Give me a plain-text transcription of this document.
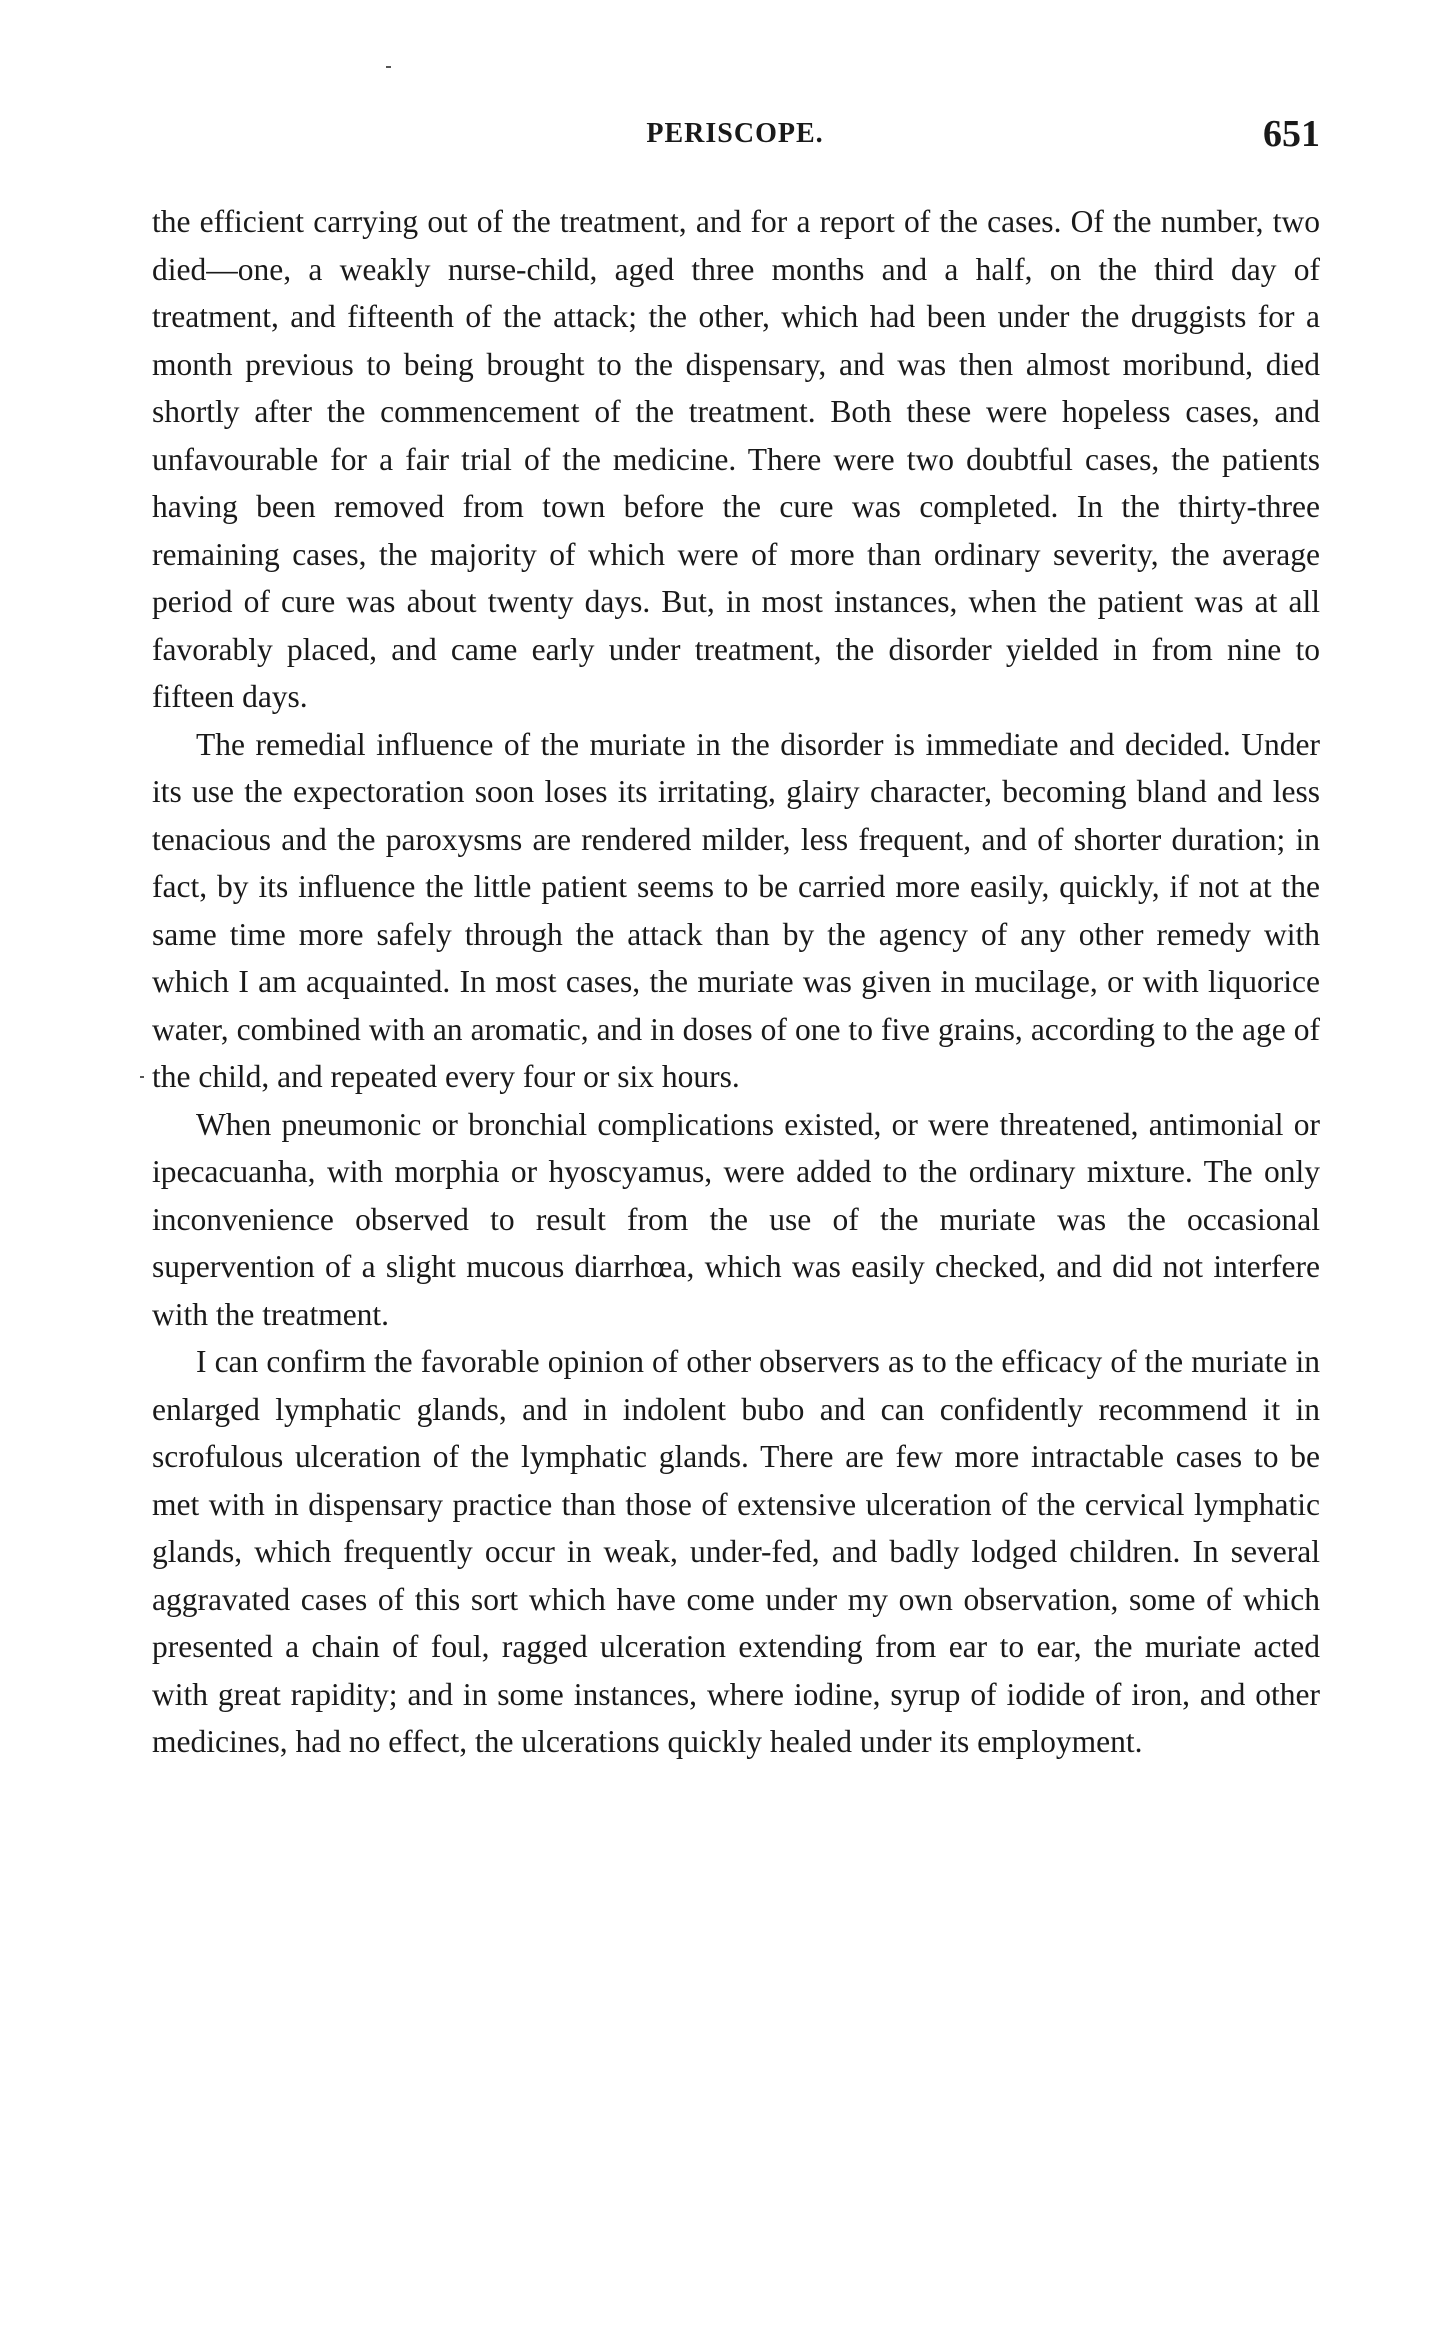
PERISCOPE.	651

the efficient carrying out of the treatment, and for a report of the cases. Of the number, two died—one, a weakly nurse-child, aged three months and a half, on the third day of treatment, and fifteenth of the attack; the other, which had been under the druggists for a month previous to being brought to the dispensary, and was then almost moribund, died shortly after the commencement of the treatment. Both these were hopeless cases, and unfavourable for a fair trial of the medicine. There were two doubtful cases, the patients having been removed from town before the cure was completed. In the thirty-three remaining cases, the majority of which were of more than ordinary severity, the average period of cure was about twenty days. But, in most instances, when the patient was at all favorably placed, and came early under treatment, the disorder yielded in from nine to fifteen days.

The remedial influence of the muriate in the disorder is immediate and decided. Under its use the expectoration soon loses its irritating, glairy character, becoming bland and less tenacious and the paroxysms are rendered milder, less frequent, and of shorter duration; in fact, by its influence the little patient seems to be carried more easily, quickly, if not at the same time more safely through the attack than by the agency of any other remedy with which I am acquainted. In most cases, the muriate was given in mucilage, or with liquorice water, combined with an aromatic, and in doses of one to five grains, according to the age of the child, and repeated every four or six hours.

When pneumonic or bronchial complications existed, or were threatened, antimonial or ipecacuanha, with morphia or hyoscyamus, were added to the ordinary mixture. The only inconvenience observed to result from the use of the muriate was the occasional supervention of a slight mucous diarrhœa, which was easily checked, and did not interfere with the treatment.

I can confirm the favorable opinion of other observers as to the efficacy of the muriate in enlarged lymphatic glands, and in indolent bubo and can confidently recommend it in scrofulous ulceration of the lymphatic glands. There are few more intractable cases to be met with in dispensary practice than those of extensive ulceration of the cervical lymphatic glands, which frequently occur in weak, under-fed, and badly lodged children. In several aggravated cases of this sort which have come under my own observation, some of which presented a chain of foul, ragged ulceration extending from ear to ear, the muriate acted with great rapidity; and in some instances, where iodine, syrup of iodide of iron, and other medicines, had no effect, the ulcerations quickly healed under its employment.
